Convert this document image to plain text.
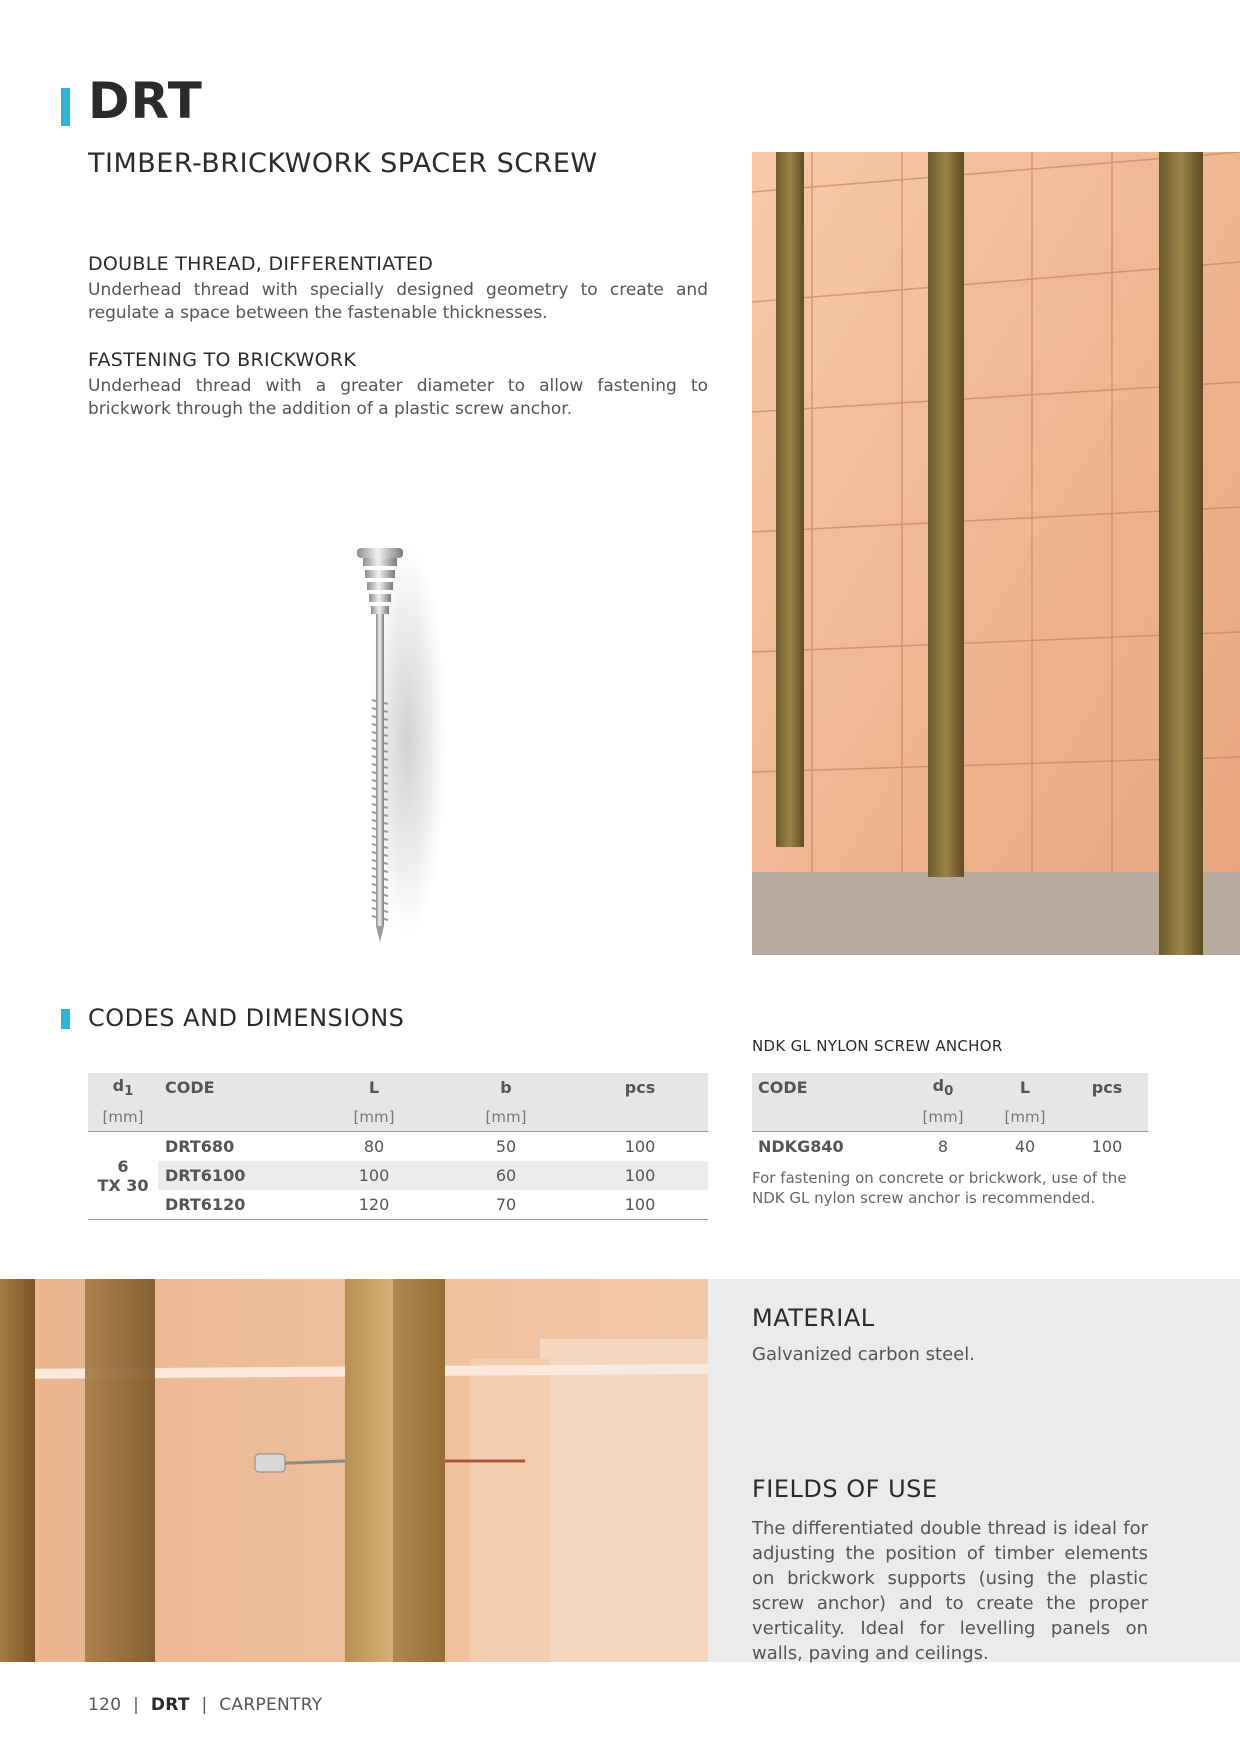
DRT
TIMBER-BRICKWORK SPACER SCREW
DOUBLE THREAD, DIFFERENTIATED
Underhead thread with specially designed geometry to create and regulate a space between the fastenable thicknesses.
FASTENING TO BRICKWORK
Underhead thread with a greater diameter to allow fastening to brickwork through the addition of a plastic screw anchor.
CODES AND DIMENSIONS
$d_1$	CODE	L	b	pcs
[mm]		[mm]	[mm]	

6
TX 30	DRT680	80	50	100
	DRT6100	100	60	100
	DRT6120	120	70	100
NDK GL NYLON SCREW ANCHOR
CODE	$d_0$	L	pcs
	[mm]	[mm]	
NDKG840	8	40	100
For fastening on concrete or brickwork, use of the NDK GL nylon screw anchor is recommended.
MATERIAL
Galvanized carbon steel.
FIELDS OF USE
The differentiated double thread is ideal for adjusting the position of timber elements on brickwork supports (using the plastic screw anchor) and to create the proper verticality. Ideal for levelling panels on walls, paving and ceilings.
120 | DRT | CARPENTRY
